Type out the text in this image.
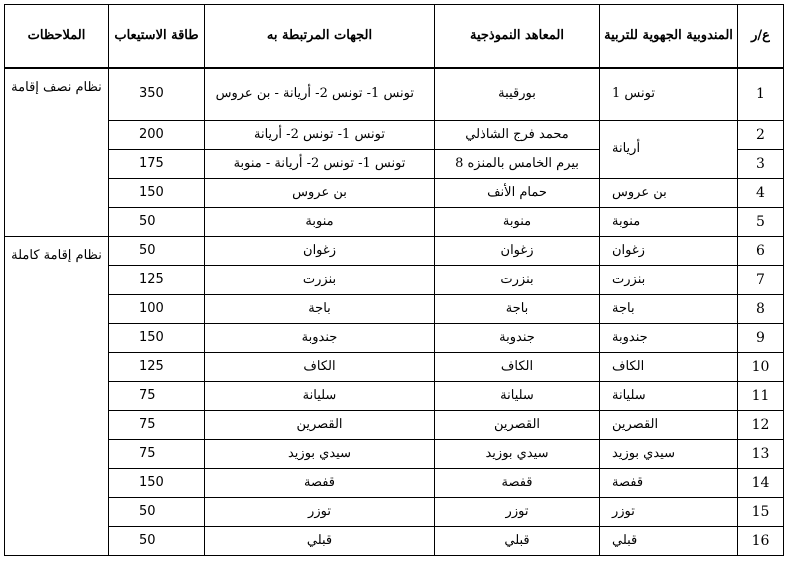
ع/ر	المندوبية الجهوية للتربية	المعاهد النموذجية	الجهات المرتبطة به	طاقة الاستيعاب	الملاحظات
1	تونس 1	بورقيبة	تونس 1- تونس 2- أريانة - بن عروس	350	نظام نصف إقامة
2	أريانة	محمد فرج الشاذلي	تونس 1- تونس 2- أريانة	200	
3		بيرم الخامس بالمنزه 8	تونس 1- تونس 2- أريانة - منوبة	175	
4	بن عروس	حمام الأنف	بن عروس	150	
5	منوبة	منوبة	منوبة	50	
6	زغوان	زغوان	زغوان	50	نظام إقامة كاملة
7	بنزرت	بنزرت	بنزرت	125	
8	باجة	باجة	باجة	100	
9	جندوبة	جندوبة	جندوبة	150	
10	الكاف	الكاف	الكاف	125	
11	سليانة	سليانة	سليانة	75	
12	القصرين	القصرين	القصرين	75	
13	سيدي بوزيد	سيدي بوزيد	سيدي بوزيد	75	
14	قفصة	قفصة	قفصة	150	
15	توزر	توزر	توزر	50	
16	قبلي	قبلي	قبلي	50	
